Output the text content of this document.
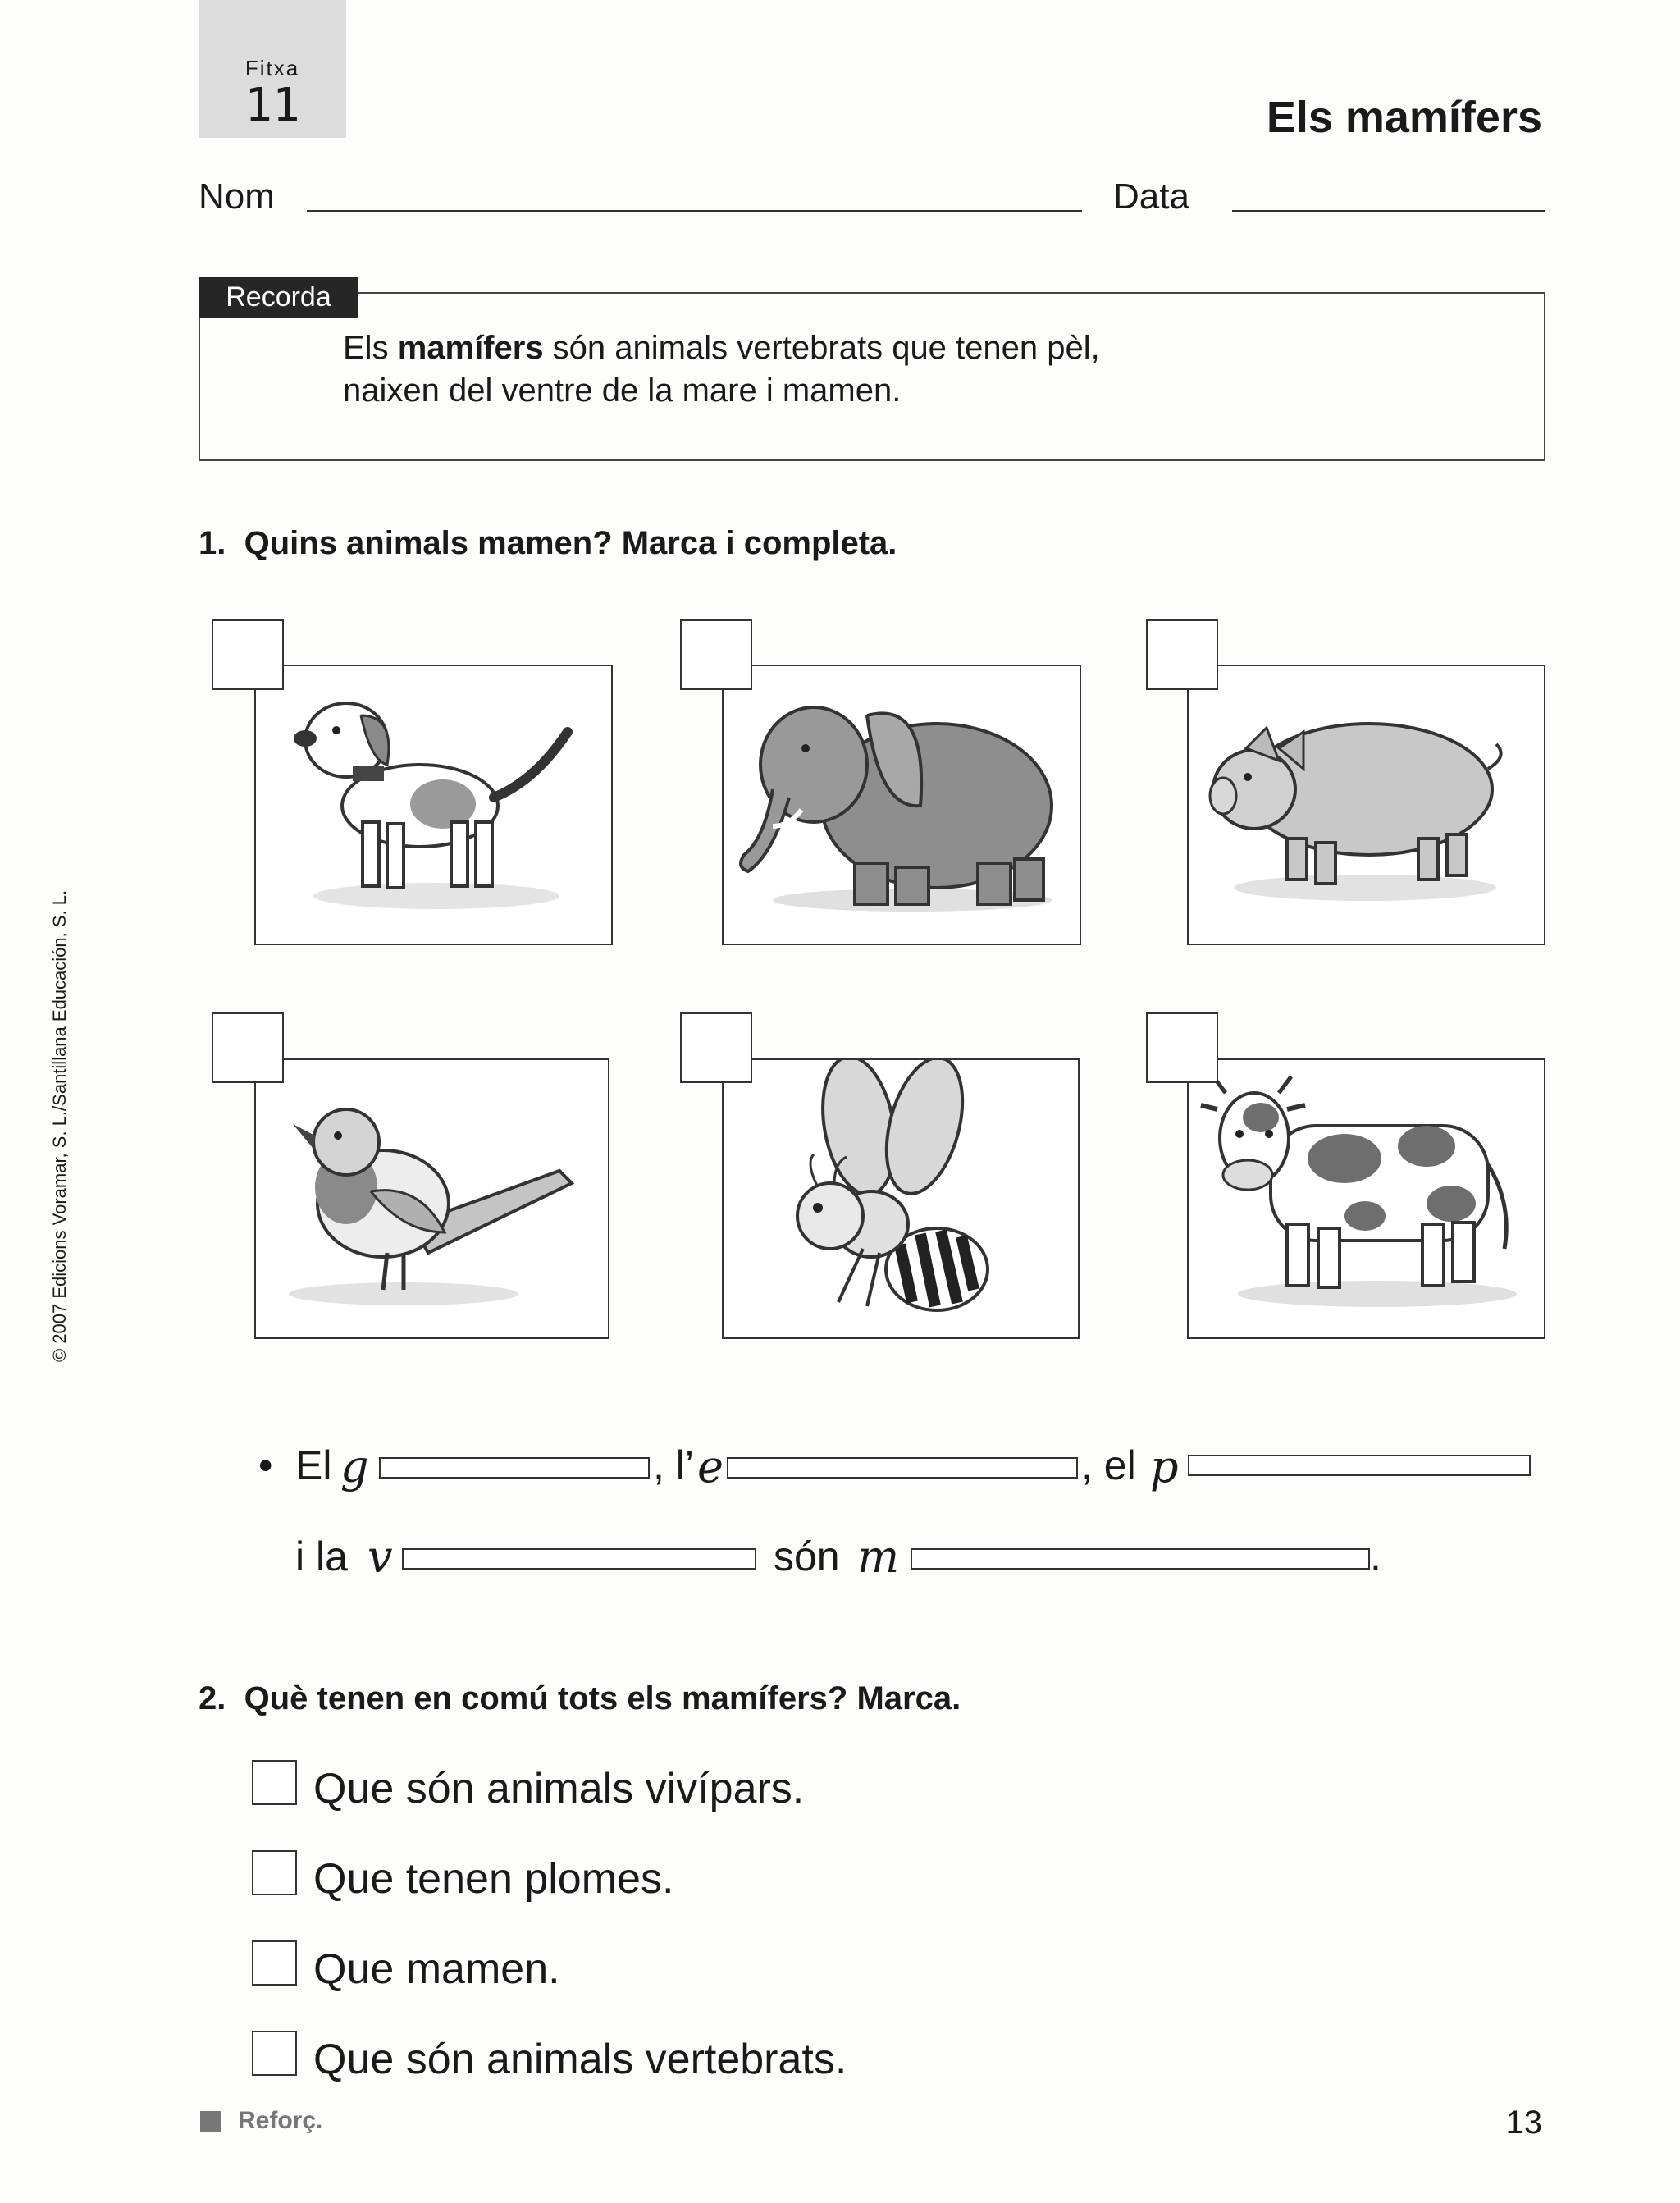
Fitxa
11	Els mamífers
Nom	Data
Recorda
Els mamífers són animals vertebrats que tenen pèl,
naixen del ventre de la mare i mamen.
1. Quins animals mamen? Marca i completa.
• El g	, l’ e	, el p
i la v	són m	.
2. Què tenen en comú tots els mamífers? Marca.
Que són animals vivípars.
Que tenen plomes.
Que mamen.
Que són animals vertebrats.
© 2007 Edicions Voramar, S. L./Santillana Educación, S. L.
Reforç.	13
